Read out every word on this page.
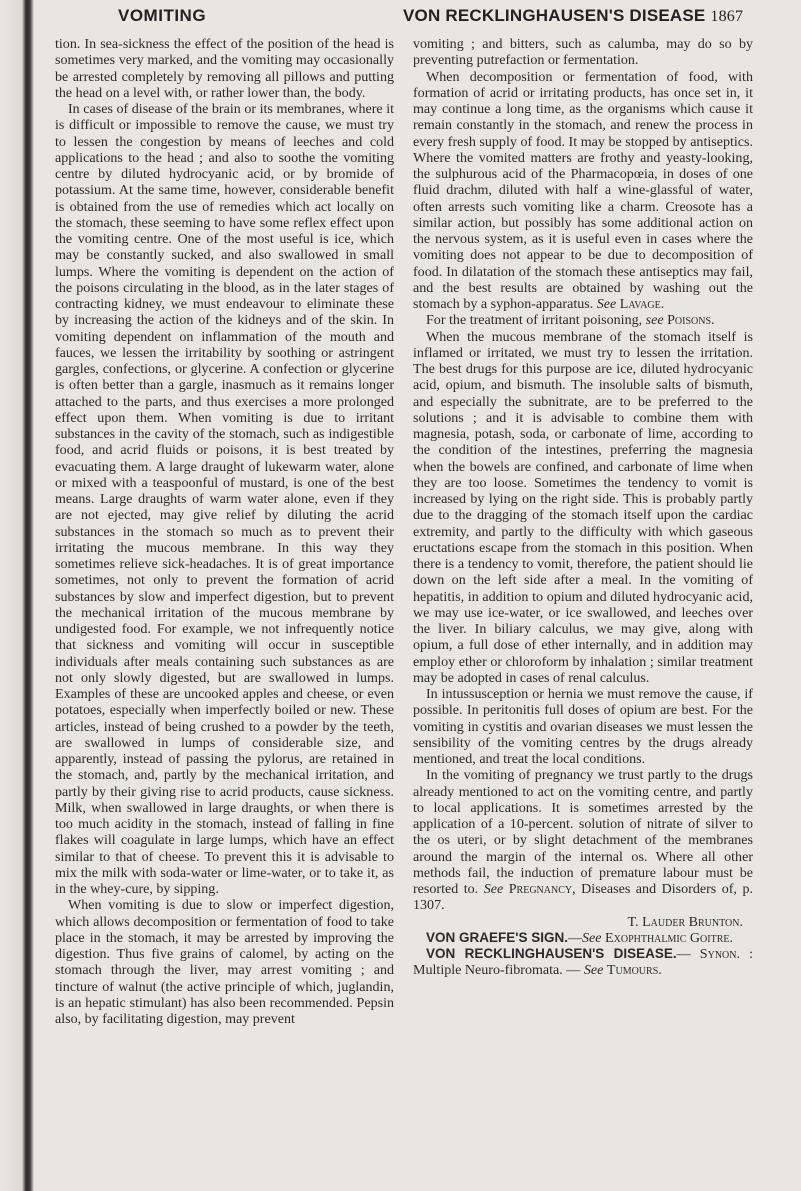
VOMITING	VON RECKLINGHAUSEN'S DISEASE 1867

tion. In sea-sickness the effect of the position of the head is sometimes very marked, and the vomiting may occasionally be arrested completely by removing all pillows and putting the head on a level with, or rather lower than, the body.

In cases of disease of the brain or its membranes, where it is difficult or impossible to remove the cause, we must try to lessen the congestion by means of leeches and cold applications to the head ; and also to soothe the vomiting centre by diluted hydrocyanic acid, or by bromide of potassium. At the same time, however, considerable benefit is obtained from the use of remedies which act locally on the stomach, these seeming to have some reflex effect upon the vomiting centre. One of the most useful is ice, which may be constantly sucked, and also swallowed in small lumps. Where the vomiting is dependent on the action of the poisons circulating in the blood, as in the later stages of contracting kidney, we must endeavour to eliminate these by increasing the action of the kidneys and of the skin. In vomiting dependent on inflammation of the mouth and fauces, we lessen the irritability by soothing or astringent gargles, confections, or glycerine. A confection or glycerine is often better than a gargle, inasmuch as it remains longer attached to the parts, and thus exercises a more prolonged effect upon them. When vomiting is due to irritant substances in the cavity of the stomach, such as indigestible food, and acrid fluids or poisons, it is best treated by evacuating them. A large draught of lukewarm water, alone or mixed with a teaspoonful of mustard, is one of the best means. Large draughts of warm water alone, even if they are not ejected, may give relief by diluting the acrid substances in the stomach so much as to prevent their irritating the mucous membrane. In this way they sometimes relieve sick-headaches. It is of great importance sometimes, not only to prevent the formation of acrid substances by slow and imperfect digestion, but to prevent the mechanical irritation of the mucous membrane by undigested food. For example, we not infrequently notice that sickness and vomiting will occur in susceptible individuals after meals containing such substances as are not only slowly digested, but are swallowed in lumps. Examples of these are uncooked apples and cheese, or even potatoes, especially when imperfectly boiled or new. These articles, instead of being crushed to a powder by the teeth, are swallowed in lumps of considerable size, and apparently, instead of passing the pylorus, are retained in the stomach, and, partly by the mechanical irritation, and partly by their giving rise to acrid products, cause sickness. Milk, when swallowed in large draughts, or when there is too much acidity in the stomach, instead of falling in fine flakes will coagulate in large lumps, which have an effect similar to that of cheese. To prevent this it is advisable to mix the milk with soda-water or lime-water, or to take it, as in the whey-cure, by sipping.

When vomiting is due to slow or imperfect digestion, which allows decomposition or fermentation of food to take place in the stomach, it may be arrested by improving the digestion. Thus five grains of calomel, by acting on the stomach through the liver, may arrest vomiting ; and tincture of walnut (the active principle of which, juglandin, is an hepatic stimulant) has also been recommended. Pepsin also, by facilitating digestion, may prevent

vomiting ; and bitters, such as calumba, may do so by preventing putrefaction or fermentation.

When decomposition or fermentation of food, with formation of acrid or irritating products, has once set in, it may continue a long time, as the organisms which cause it remain constantly in the stomach, and renew the process in every fresh supply of food. It may be stopped by antiseptics. Where the vomited matters are frothy and yeasty-looking, the sulphurous acid of the Pharmacopœia, in doses of one fluid drachm, diluted with half a wine-glassful of water, often arrests such vomiting like a charm. Creosote has a similar action, but possibly has some additional action on the nervous system, as it is useful even in cases where the vomiting does not appear to be due to decomposition of food. In dilatation of the stomach these antiseptics may fail, and the best results are obtained by washing out the stomach by a syphon-apparatus. See Lavage.

For the treatment of irritant poisoning, see Poisons.

When the mucous membrane of the stomach itself is inflamed or irritated, we must try to lessen the irritation. The best drugs for this purpose are ice, diluted hydrocyanic acid, opium, and bismuth. The insoluble salts of bismuth, and especially the subnitrate, are to be preferred to the solutions ; and it is advisable to combine them with magnesia, potash, soda, or carbonate of lime, according to the condition of the intestines, preferring the magnesia when the bowels are confined, and carbonate of lime when they are too loose. Sometimes the tendency to vomit is increased by lying on the right side. This is probably partly due to the dragging of the stomach itself upon the cardiac extremity, and partly to the difficulty with which gaseous eructations escape from the stomach in this position. When there is a tendency to vomit, therefore, the patient should lie down on the left side after a meal. In the vomiting of hepatitis, in addition to opium and diluted hydrocyanic acid, we may use ice-water, or ice swallowed, and leeches over the liver. In biliary calculus, we may give, along with opium, a full dose of ether internally, and in addition may employ ether or chloroform by inhalation ; similar treatment may be adopted in cases of renal calculus.

In intussusception or hernia we must remove the cause, if possible. In peritonitis full doses of opium are best. For the vomiting in cystitis and ovarian diseases we must lessen the sensibility of the vomiting centres by the drugs already mentioned, and treat the local conditions.

In the vomiting of pregnancy we trust partly to the drugs already mentioned to act on the vomiting centre, and partly to local applications. It is sometimes arrested by the application of a 10-percent. solution of nitrate of silver to the os uteri, or by slight detachment of the membranes around the margin of the internal os. Where all other methods fail, the induction of premature labour must be resorted to. See Pregnancy, Diseases and Disorders of, p. 1307.

T. Lauder Brunton.

VON GRAEFE'S SIGN.—See Exophthalmic Goitre.

VON RECKLINGHAUSEN'S DISEASE.— Synon. : Multiple Neuro-fibromata. — See Tumours.
